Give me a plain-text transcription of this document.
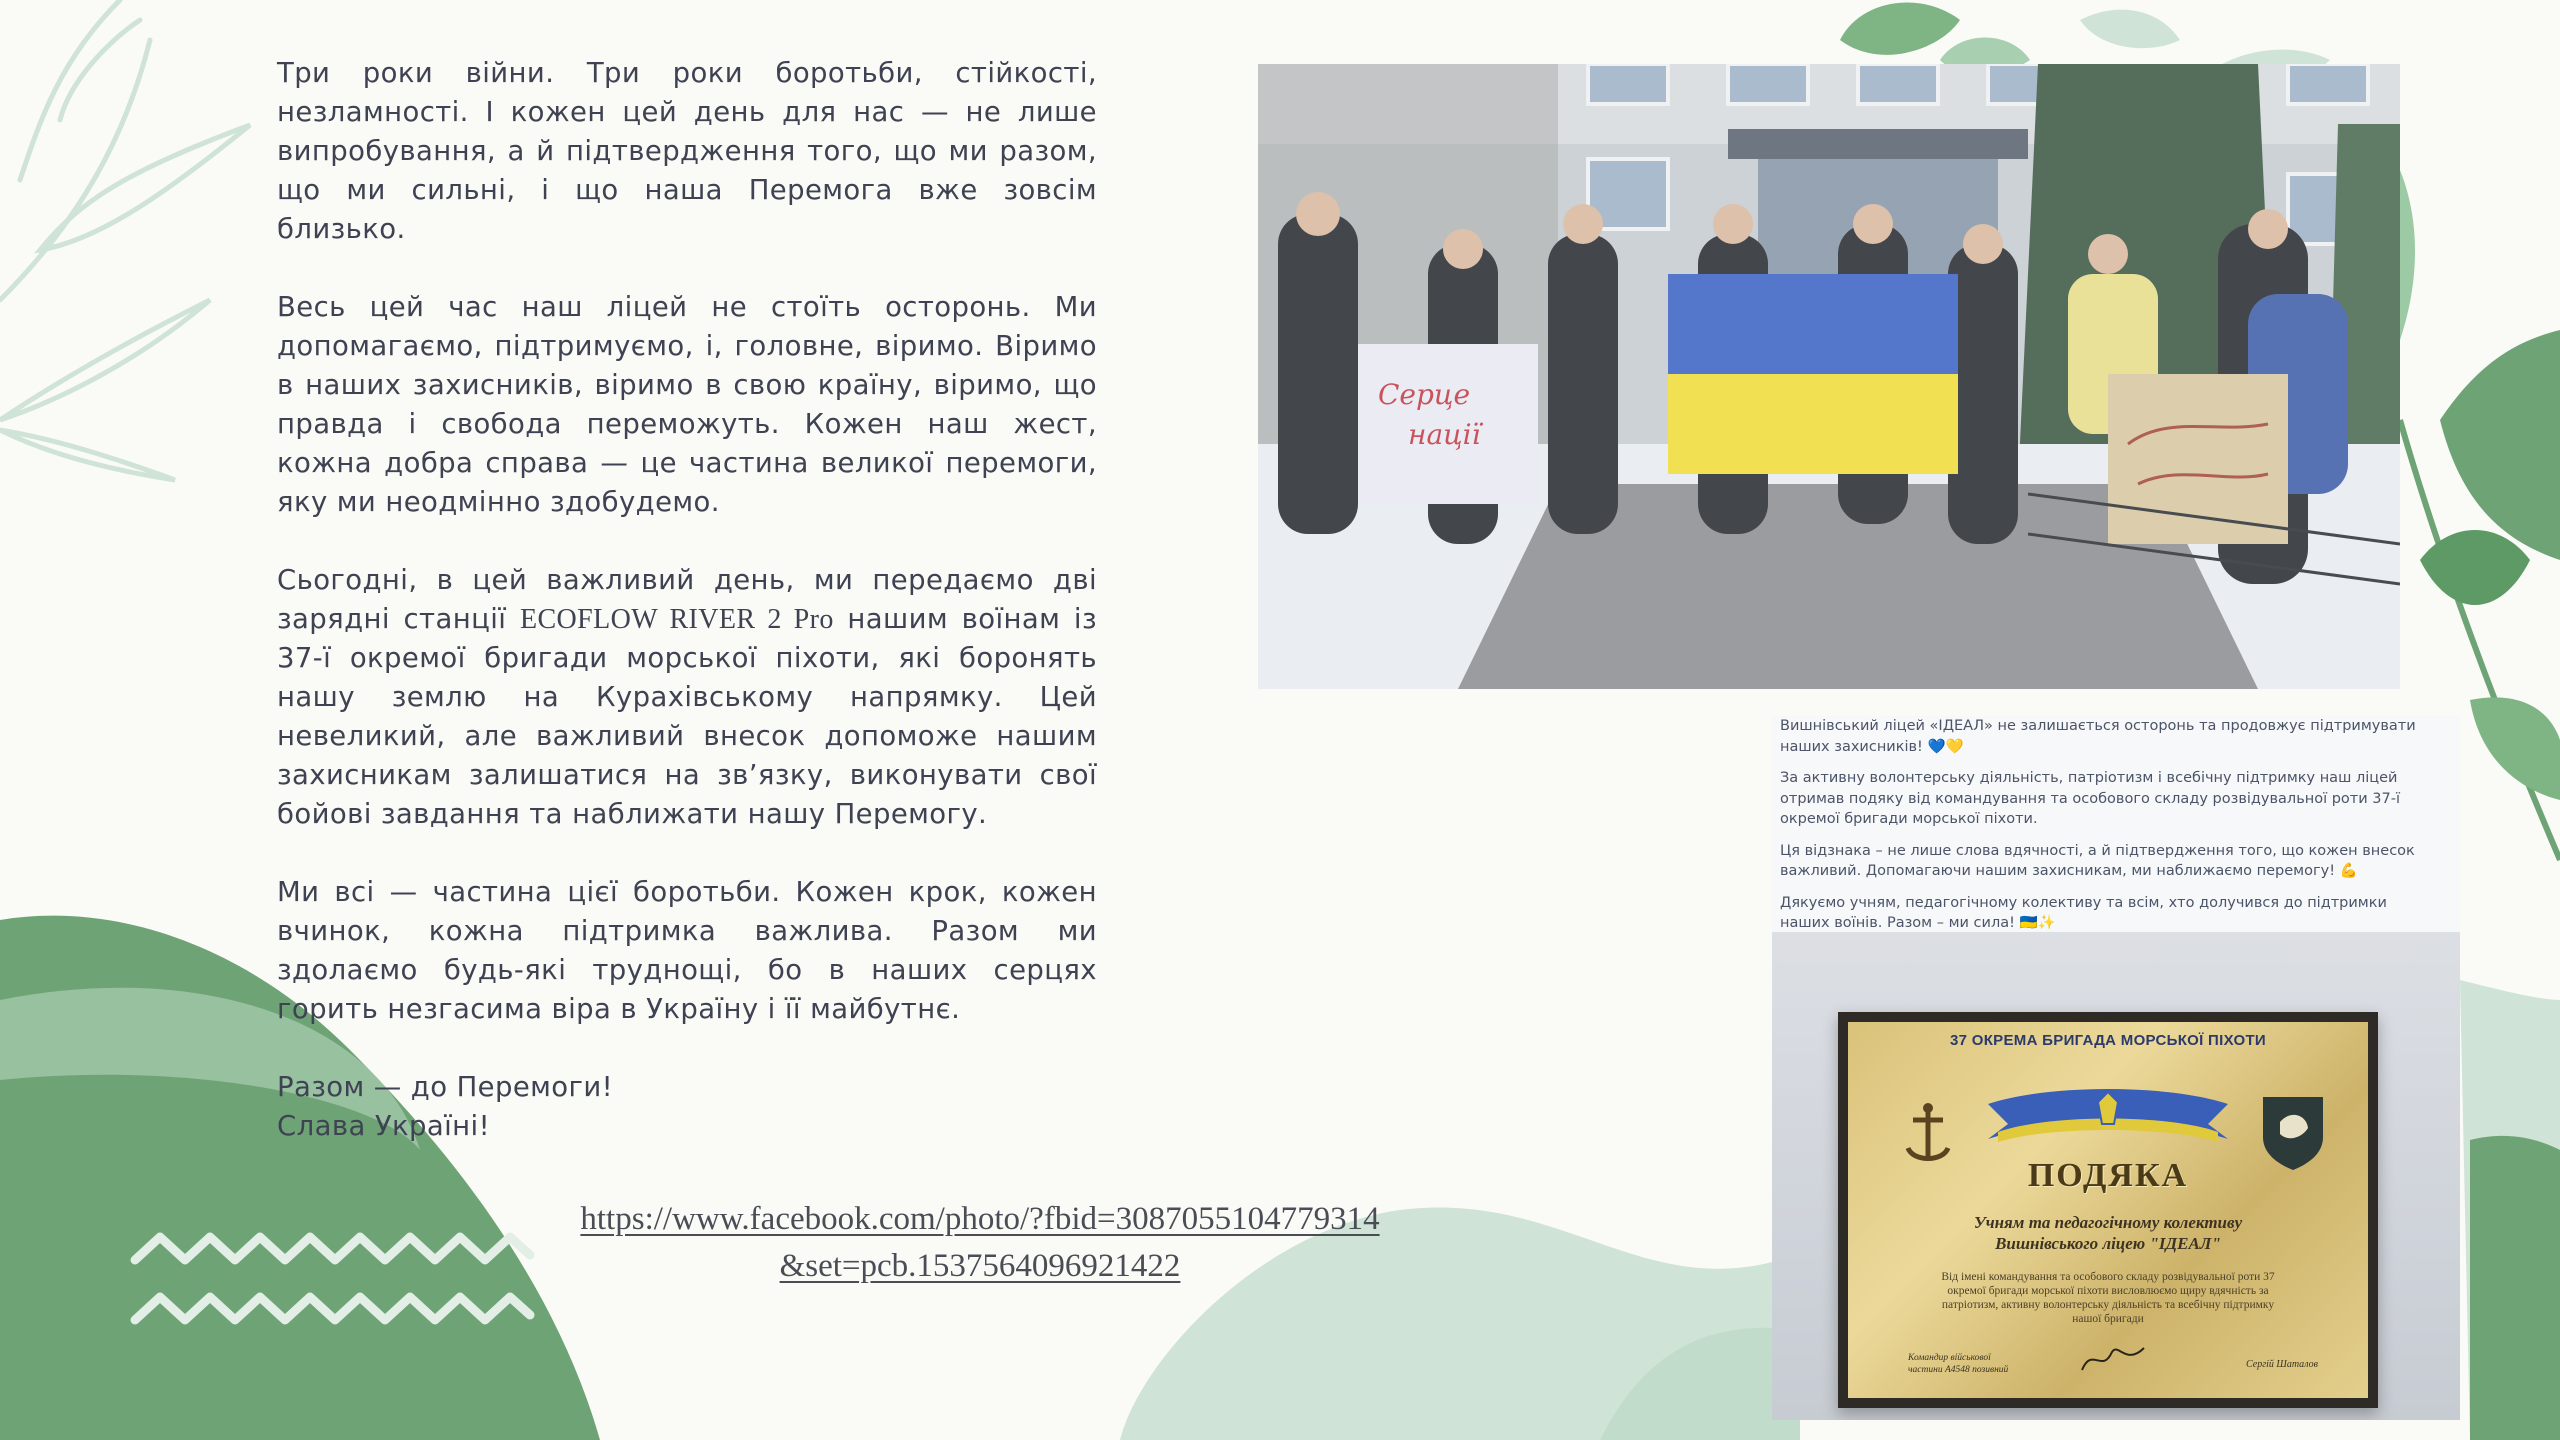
Три роки війни. Три роки боротьби, стійкості, незламності. І кожен цей день для нас — не лише випробування, а й підтвердження того, що ми разом, що ми сильні, і що наша Перемога вже зовсім близько.

Весь цей час наш ліцей не стоїть осторонь. Ми допомагаємо, підтримуємо, і, головне, віримо. Віримо в наших захисників, віримо в свою країну, віримо, що правда і свобода переможуть. Кожен наш жест, кожна добра справа — це частина великої перемоги, яку ми неодмінно здобудемо.

Сьогодні, в цей важливий день, ми передаємо дві зарядні станції ECOFLOW RIVER 2 Pro нашим воїнам із 37-ї окремої бригади морської піхоти, які боронять нашу землю на Курахівському напрямку. Цей невеликий, але важливий внесок допоможе нашим захисникам залишатися на зв’язку, виконувати свої бойові завдання та наближати нашу Перемогу.

Ми всі — частина цієї боротьби. Кожен крок, кожен вчинок, кожна підтримка важлива. Разом ми здолаємо будь-які труднощі, бо в наших серцях горить незгасима віра в Україну і її майбутнє.

Разом — до Перемоги!
Слава Україні!

https://www.facebook.com/photo/?fbid=3087055104779314&set=pcb.1537564096921422
Серце
нації

Вишнівський ліцей «ІДЕАЛ» не залишається осторонь та продовжує підтримувати наших захисників! 💙💛

За активну волонтерську діяльність, патріотизм і всебічну підтримку наш ліцей отримав подяку від командування та особового складу розвідувальної роти 37-ї окремої бригади морської піхоти.

Ця відзнака – не лише слова вдячності, а й підтвердження того, що кожен внесок важливий. Допомагаючи нашим захисникам, ми наближаємо перемогу! 💪

Дякуємо учням, педагогічному колективу та всім, хто долучився до підтримки наших воїнів. Разом – ми сила! 🇺🇦✨

37 ОКРЕМА БРИГАДА МОРСЬКОЇ ПІХОТИ
ПОДЯКА
Учням та педагогічному колективу
Вишнівського ліцею "ІДЕАЛ"
Від імені командування та особового складу розвідувальної роти 37 окремої бригади морської піхоти висловлюємо щиру вдячність за патріотизм, активну волонтерську діяльність та всебічну підтримку нашої бригади
Командир військової
частини А4548 позивний	Сергій Шаталов
